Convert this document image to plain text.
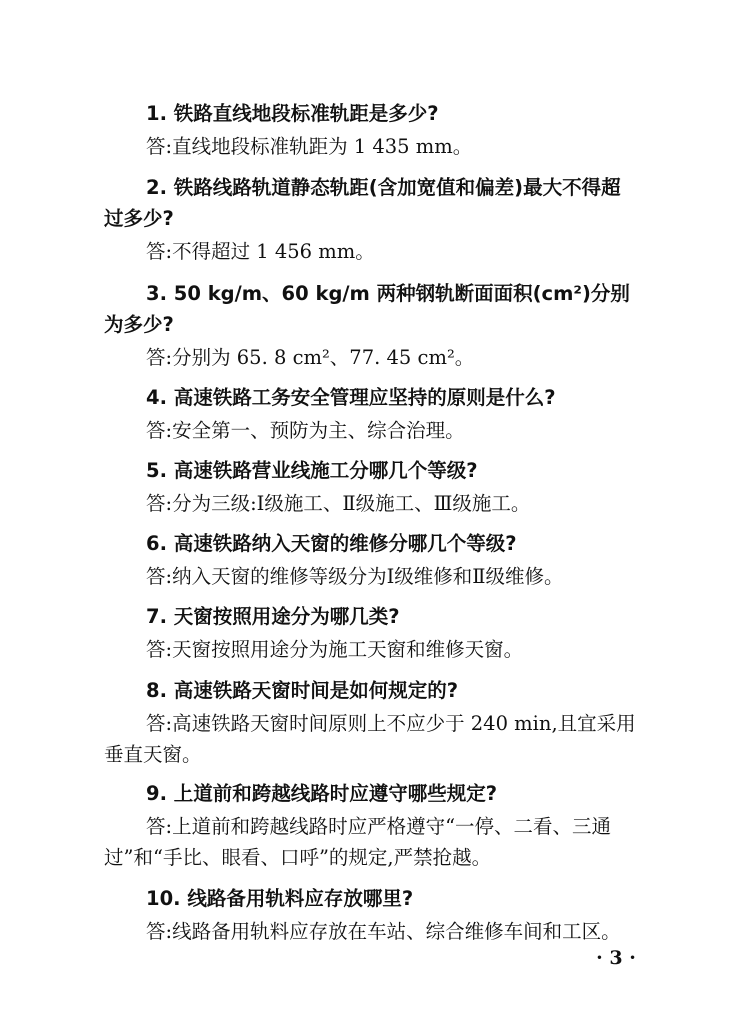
1. 铁路直线地段标准轨距是多少?

答:直线地段标准轨距为 1 435 mm。

2. 铁路线路轨道静态轨距(含加宽值和偏差)最大不得超过多少?

答:不得超过 1 456 mm。

3. 50 kg/m、60 kg/m 两种钢轨断面面积(cm²)分别为多少?

答:分别为 65. 8 cm²、77. 45 cm²。

4. 高速铁路工务安全管理应坚持的原则是什么?

答:安全第一、预防为主、综合治理。

5. 高速铁路营业线施工分哪几个等级?

答:分为三级:Ⅰ级施工、Ⅱ级施工、Ⅲ级施工。

6. 高速铁路纳入天窗的维修分哪几个等级?

答:纳入天窗的维修等级分为Ⅰ级维修和Ⅱ级维修。

7. 天窗按照用途分为哪几类?

答:天窗按照用途分为施工天窗和维修天窗。

8. 高速铁路天窗时间是如何规定的?

答:高速铁路天窗时间原则上不应少于 240 min,且宜采用垂直天窗。

9. 上道前和跨越线路时应遵守哪些规定?

答:上道前和跨越线路时应严格遵守“一停、二看、三通过”和“手比、眼看、口呼”的规定,严禁抢越。

10. 线路备用轨料应存放哪里?

答:线路备用轨料应存放在车站、综合维修车间和工区。

· 3 ·
